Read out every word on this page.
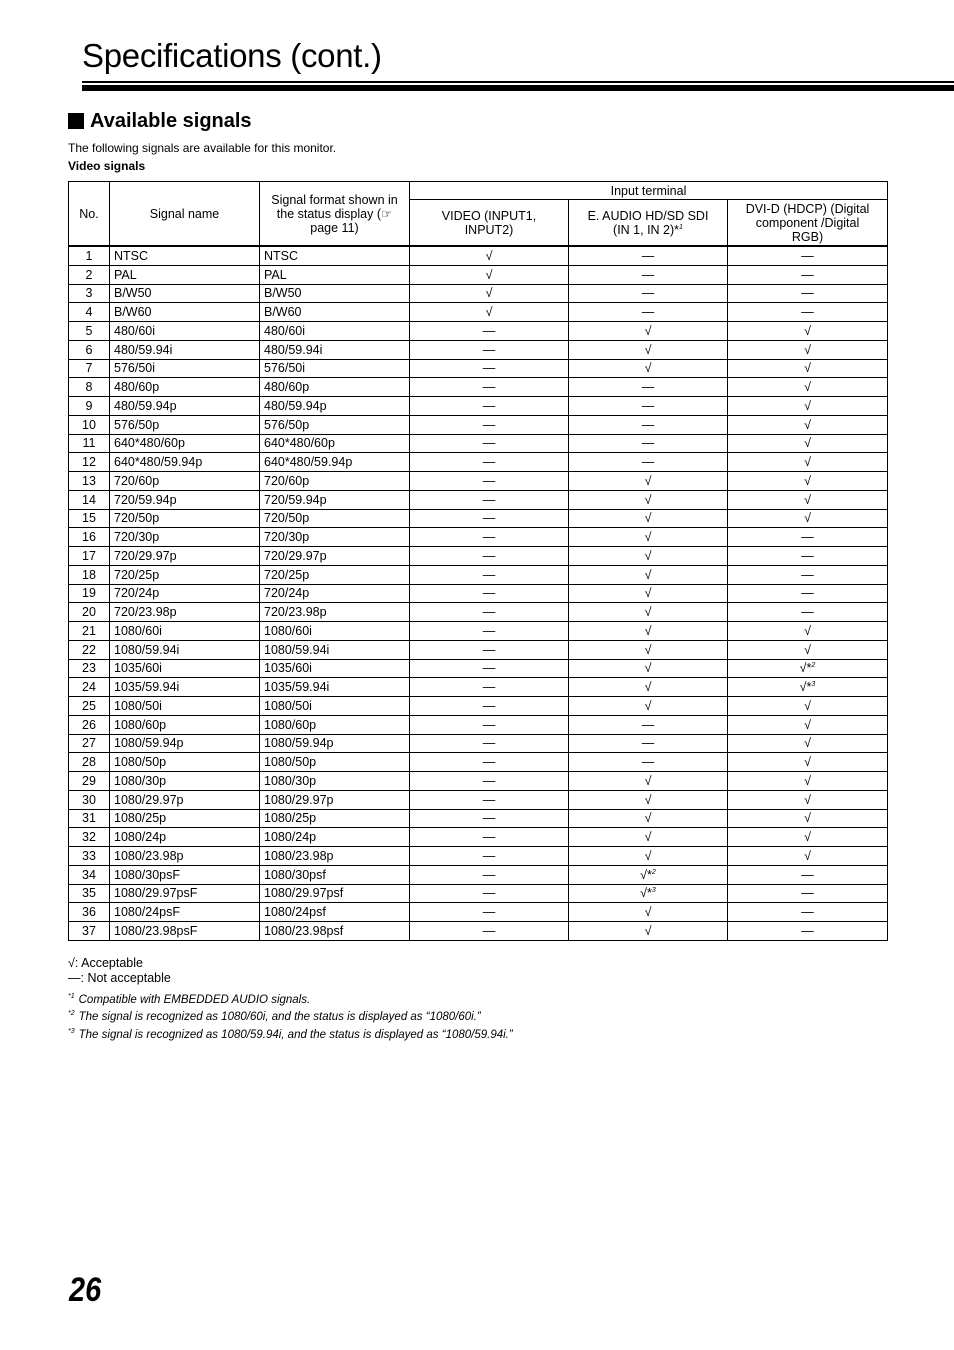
Specifications (cont.)
Available signals
The following signals are available for this monitor.
Video signals
No.	Signal name	Signal format shown in the status display (☞ page 11)	Input terminal		

			VIDEO (INPUT1, INPUT2)	E. AUDIO HD/SD SDI (IN 1, IN 2)*$^1$	DVI-D (HDCP) (Digital component /Digital RGB)

1	NTSC	NTSC	√	—	—
2	PAL	PAL	√	—	—
3	B/W50	B/W50	√	—	—
4	B/W60	B/W60	√	—	—
5	480/60i	480/60i	—	√	√
6	480/59.94i	480/59.94i	—	√	√
7	576/50i	576/50i	—	√	√
8	480/60p	480/60p	—	—	√
9	480/59.94p	480/59.94p	—	—	√
10	576/50p	576/50p	—	—	√
11	640*480/60p	640*480/60p	—	—	√
12	640*480/59.94p	640*480/59.94p	—	—	√
13	720/60p	720/60p	—	√	√
14	720/59.94p	720/59.94p	—	√	√
15	720/50p	720/50p	—	√	√
16	720/30p	720/30p	—	√	—
17	720/29.97p	720/29.97p	—	√	—
18	720/25p	720/25p	—	√	—
19	720/24p	720/24p	—	√	—
20	720/23.98p	720/23.98p	—	√	—
21	1080/60i	1080/60i	—	√	√
22	1080/59.94i	1080/59.94i	—	√	√
23	1035/60i	1035/60i	—	√	√*$^2$
24	1035/59.94i	1035/59.94i	—	√	√*$^3$
25	1080/50i	1080/50i	—	√	√
26	1080/60p	1080/60p	—	—	√
27	1080/59.94p	1080/59.94p	—	—	√
28	1080/50p	1080/50p	—	—	√
29	1080/30p	1080/30p	—	√	√
30	1080/29.97p	1080/29.97p	—	√	√
31	1080/25p	1080/25p	—	√	√
32	1080/24p	1080/24p	—	√	√
33	1080/23.98p	1080/23.98p	—	√	√
34	1080/30psF	1080/30psf	—	√*$^2$	—
35	1080/29.97psF	1080/29.97psf	—	√*$^3$	—
36	1080/24psF	1080/24psf	—	√	—
37	1080/23.98psF	1080/23.98psf	—	√	—
√: Acceptable
—: Not acceptable
$^{*1}$ Compatible with EMBEDDED AUDIO signals.
$^{*2}$ The signal is recognized as 1080/60i, and the status is displayed as “1080/60i.”
$^{*3}$ The signal is recognized as 1080/59.94i, and the status is displayed as “1080/59.94i.”
26
